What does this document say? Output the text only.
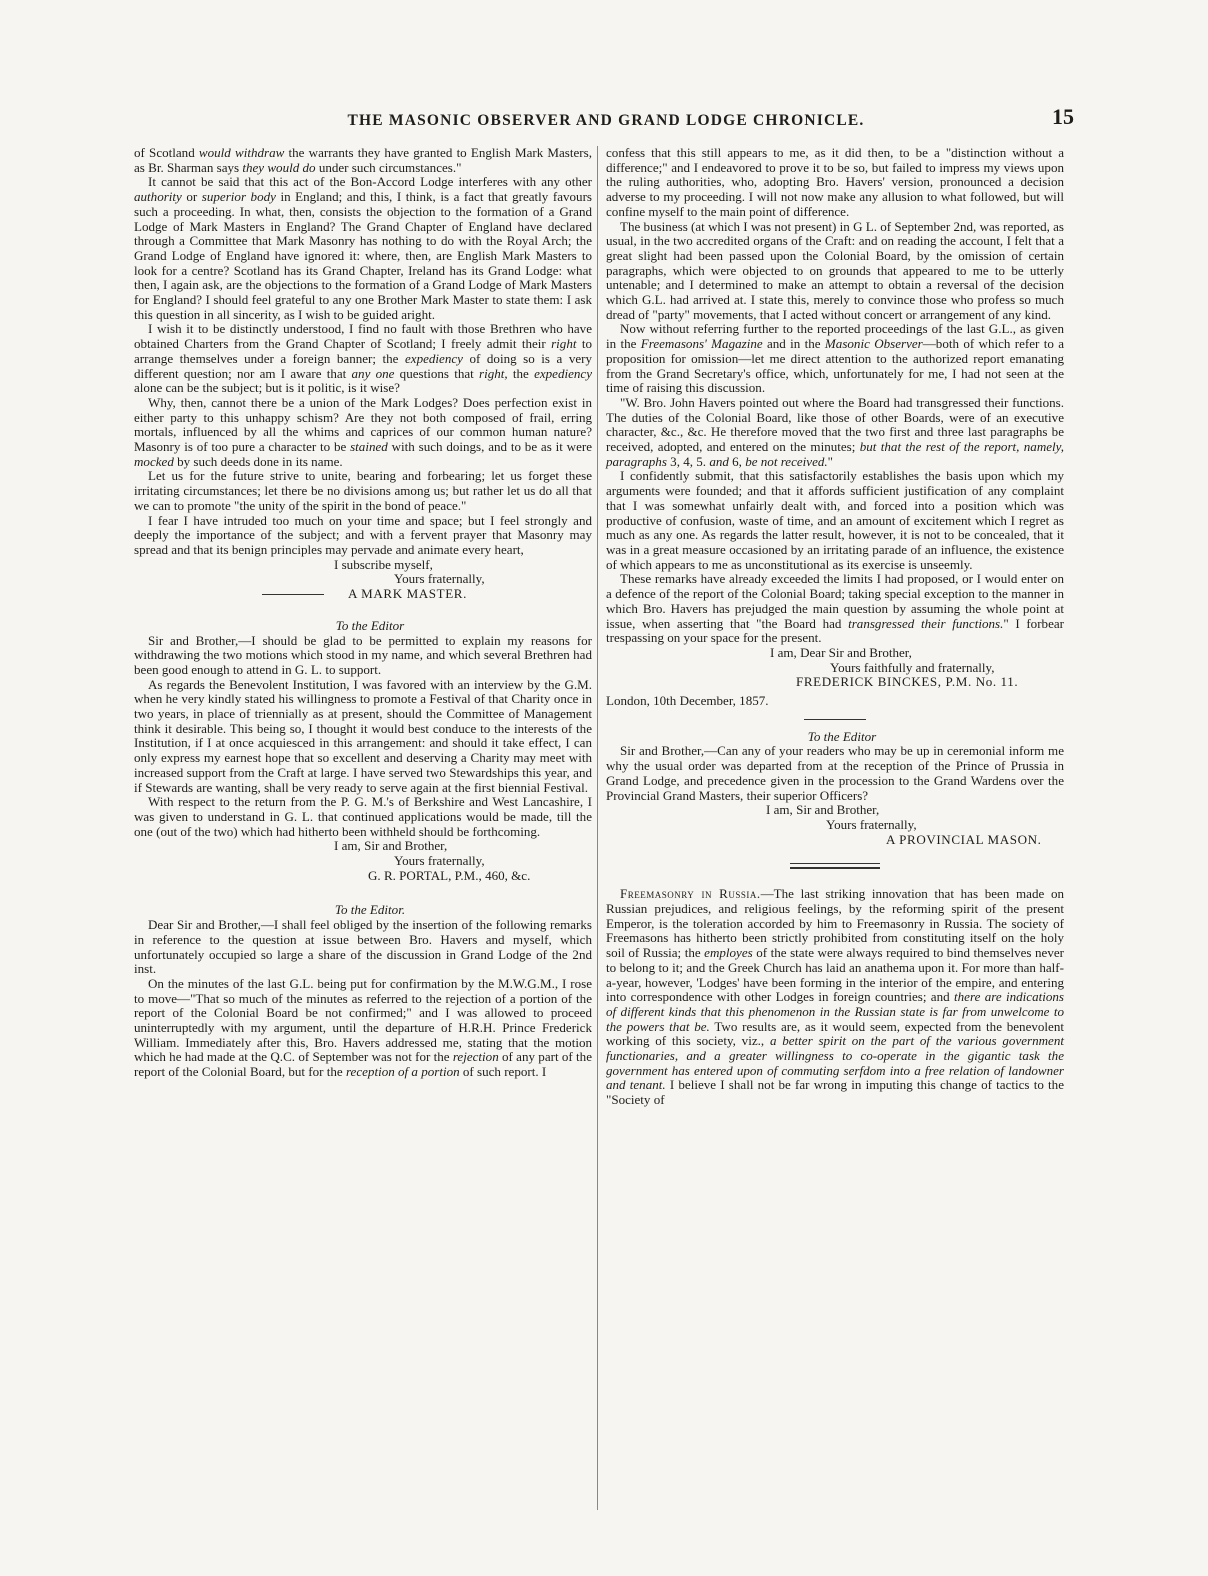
THE MASONIC OBSERVER AND GRAND LODGE CHRONICLE.	15

of Scotland would withdraw the warrants they have granted to English Mark Masters, as Br. Sharman says they would do under such circumstances."

It cannot be said that this act of the Bon-Accord Lodge interferes with any other authority or superior body in England; and this, I think, is a fact that greatly favours such a proceeding. In what, then, consists the objection to the formation of a Grand Lodge of Mark Masters in England? The Grand Chapter of England have declared through a Committee that Mark Masonry has nothing to do with the Royal Arch; the Grand Lodge of England have ignored it: where, then, are English Mark Masters to look for a centre? Scotland has its Grand Chapter, Ireland has its Grand Lodge: what then, I again ask, are the objections to the formation of a Grand Lodge of Mark Masters for England? I should feel grateful to any one Brother Mark Master to state them: I ask this question in all sincerity, as I wish to be guided aright.

I wish it to be distinctly understood, I find no fault with those Brethren who have obtained Charters from the Grand Chapter of Scotland; I freely admit their right to arrange themselves under a foreign banner; the expediency of doing so is a very different question; nor am I aware that any one questions that right, the expediency alone can be the subject; but is it politic, is it wise?

Why, then, cannot there be a union of the Mark Lodges? Does perfection exist in either party to this unhappy schism? Are they not both composed of frail, erring mortals, influenced by all the whims and caprices of our common human nature? Masonry is of too pure a character to be stained with such doings, and to be as it were mocked by such deeds done in its name.

Let us for the future strive to unite, bearing and forbearing; let us forget these irritating circumstances; let there be no divisions among us; but rather let us do all that we can to promote "the unity of the spirit in the bond of peace."

I fear I have intruded too much on your time and space; but I feel strongly and deeply the importance of the subject; and with a fervent prayer that Masonry may spread and that its benign principles may pervade and animate every heart,

I subscribe myself,

Yours fraternally,

A MARK MASTER.

To the Editor

Sir and Brother,—I should be glad to be permitted to explain my reasons for withdrawing the two motions which stood in my name, and which several Brethren had been good enough to attend in G. L. to support.

As regards the Benevolent Institution, I was favored with an interview by the G.M. when he very kindly stated his willingness to promote a Festival of that Charity once in two years, in place of triennially as at present, should the Committee of Management think it desirable. This being so, I thought it would best conduce to the interests of the Institution, if I at once acquiesced in this arrangement: and should it take effect, I can only express my earnest hope that so excellent and deserving a Charity may meet with increased support from the Craft at large. I have served two Stewardships this year, and if Stewards are wanting, shall be very ready to serve again at the first biennial Festival.

With respect to the return from the P. G. M.'s of Berkshire and West Lancashire, I was given to understand in G. L. that continued applications would be made, till the one (out of the two) which had hitherto been withheld should be forthcoming.

I am, Sir and Brother,

Yours fraternally,

G. R. PORTAL, P.M., 460, &c.

To the Editor.

Dear Sir and Brother,—I shall feel obliged by the insertion of the following remarks in reference to the question at issue between Bro. Havers and myself, which unfortunately occupied so large a share of the discussion in Grand Lodge of the 2nd inst.

On the minutes of the last G.L. being put for confirmation by the M.W.G.M., I rose to move—"That so much of the minutes as referred to the rejection of a portion of the report of the Colonial Board be not confirmed;" and I was allowed to proceed uninterruptedly with my argument, until the departure of H.R.H. Prince Frederick William. Immediately after this, Bro. Havers addressed me, stating that the motion which he had made at the Q.C. of September was not for the rejection of any part of the report of the Colonial Board, but for the reception of a portion of such report. I

confess that this still appears to me, as it did then, to be a "distinction without a difference;" and I endeavored to prove it to be so, but failed to impress my views upon the ruling authorities, who, adopting Bro. Havers' version, pronounced a decision adverse to my proceeding. I will not now make any allusion to what followed, but will confine myself to the main point of difference.

The business (at which I was not present) in G L. of September 2nd, was reported, as usual, in the two accredited organs of the Craft: and on reading the account, I felt that a great slight had been passed upon the Colonial Board, by the omission of certain paragraphs, which were objected to on grounds that appeared to me to be utterly untenable; and I determined to make an attempt to obtain a reversal of the decision which G.L. had arrived at. I state this, merely to convince those who profess so much dread of "party" movements, that I acted without concert or arrangement of any kind.

Now without referring further to the reported proceedings of the last G.L., as given in the Freemasons' Magazine and in the Masonic Observer—both of which refer to a proposition for omission—let me direct attention to the authorized report emanating from the Grand Secretary's office, which, unfortunately for me, I had not seen at the time of raising this discussion.

"W. Bro. John Havers pointed out where the Board had transgressed their functions. The duties of the Colonial Board, like those of other Boards, were of an executive character, &c., &c. He therefore moved that the two first and three last paragraphs be received, adopted, and entered on the minutes; but that the rest of the report, namely, paragraphs 3, 4, 5. and 6, be not received."

I confidently submit, that this satisfactorily establishes the basis upon which my arguments were founded; and that it affords sufficient justification of any complaint that I was somewhat unfairly dealt with, and forced into a position which was productive of confusion, waste of time, and an amount of excitement which I regret as much as any one. As regards the latter result, however, it is not to be concealed, that it was in a great measure occasioned by an irritating parade of an influence, the existence of which appears to me as unconstitutional as its exercise is unseemly.

These remarks have already exceeded the limits I had proposed, or I would enter on a defence of the report of the Colonial Board; taking special exception to the manner in which Bro. Havers has prejudged the main question by assuming the whole point at issue, when asserting that "the Board had transgressed their functions." I forbear trespassing on your space for the present.

I am, Dear Sir and Brother,

Yours faithfully and fraternally,

FREDERICK BINCKES, P.M. No. 11.

London, 10th December, 1857.

To the Editor

Sir and Brother,—Can any of your readers who may be up in ceremonial inform me why the usual order was departed from at the reception of the Prince of Prussia in Grand Lodge, and precedence given in the procession to the Grand Wardens over the Provincial Grand Masters, their superior Officers?

I am, Sir and Brother,

Yours fraternally,

A PROVINCIAL MASON.

Freemasonry in Russia.—The last striking innovation that has been made on Russian prejudices, and religious feelings, by the reforming spirit of the present Emperor, is the toleration accorded by him to Freemasonry in Russia. The society of Freemasons has hitherto been strictly prohibited from constituting itself on the holy soil of Russia; the employes of the state were always required to bind themselves never to belong to it; and the Greek Church has laid an anathema upon it. For more than half-a-year, however, 'Lodges' have been forming in the interior of the empire, and entering into correspondence with other Lodges in foreign countries; and there are indications of different kinds that this phenomenon in the Russian state is far from unwelcome to the powers that be. Two results are, as it would seem, expected from the benevolent working of this society, viz., a better spirit on the part of the various government functionaries, and a greater willingness to co-operate in the gigantic task the government has entered upon of commuting serfdom into a free relation of landowner and tenant. I believe I shall not be far wrong in imputing this change of tactics to the "Society of
